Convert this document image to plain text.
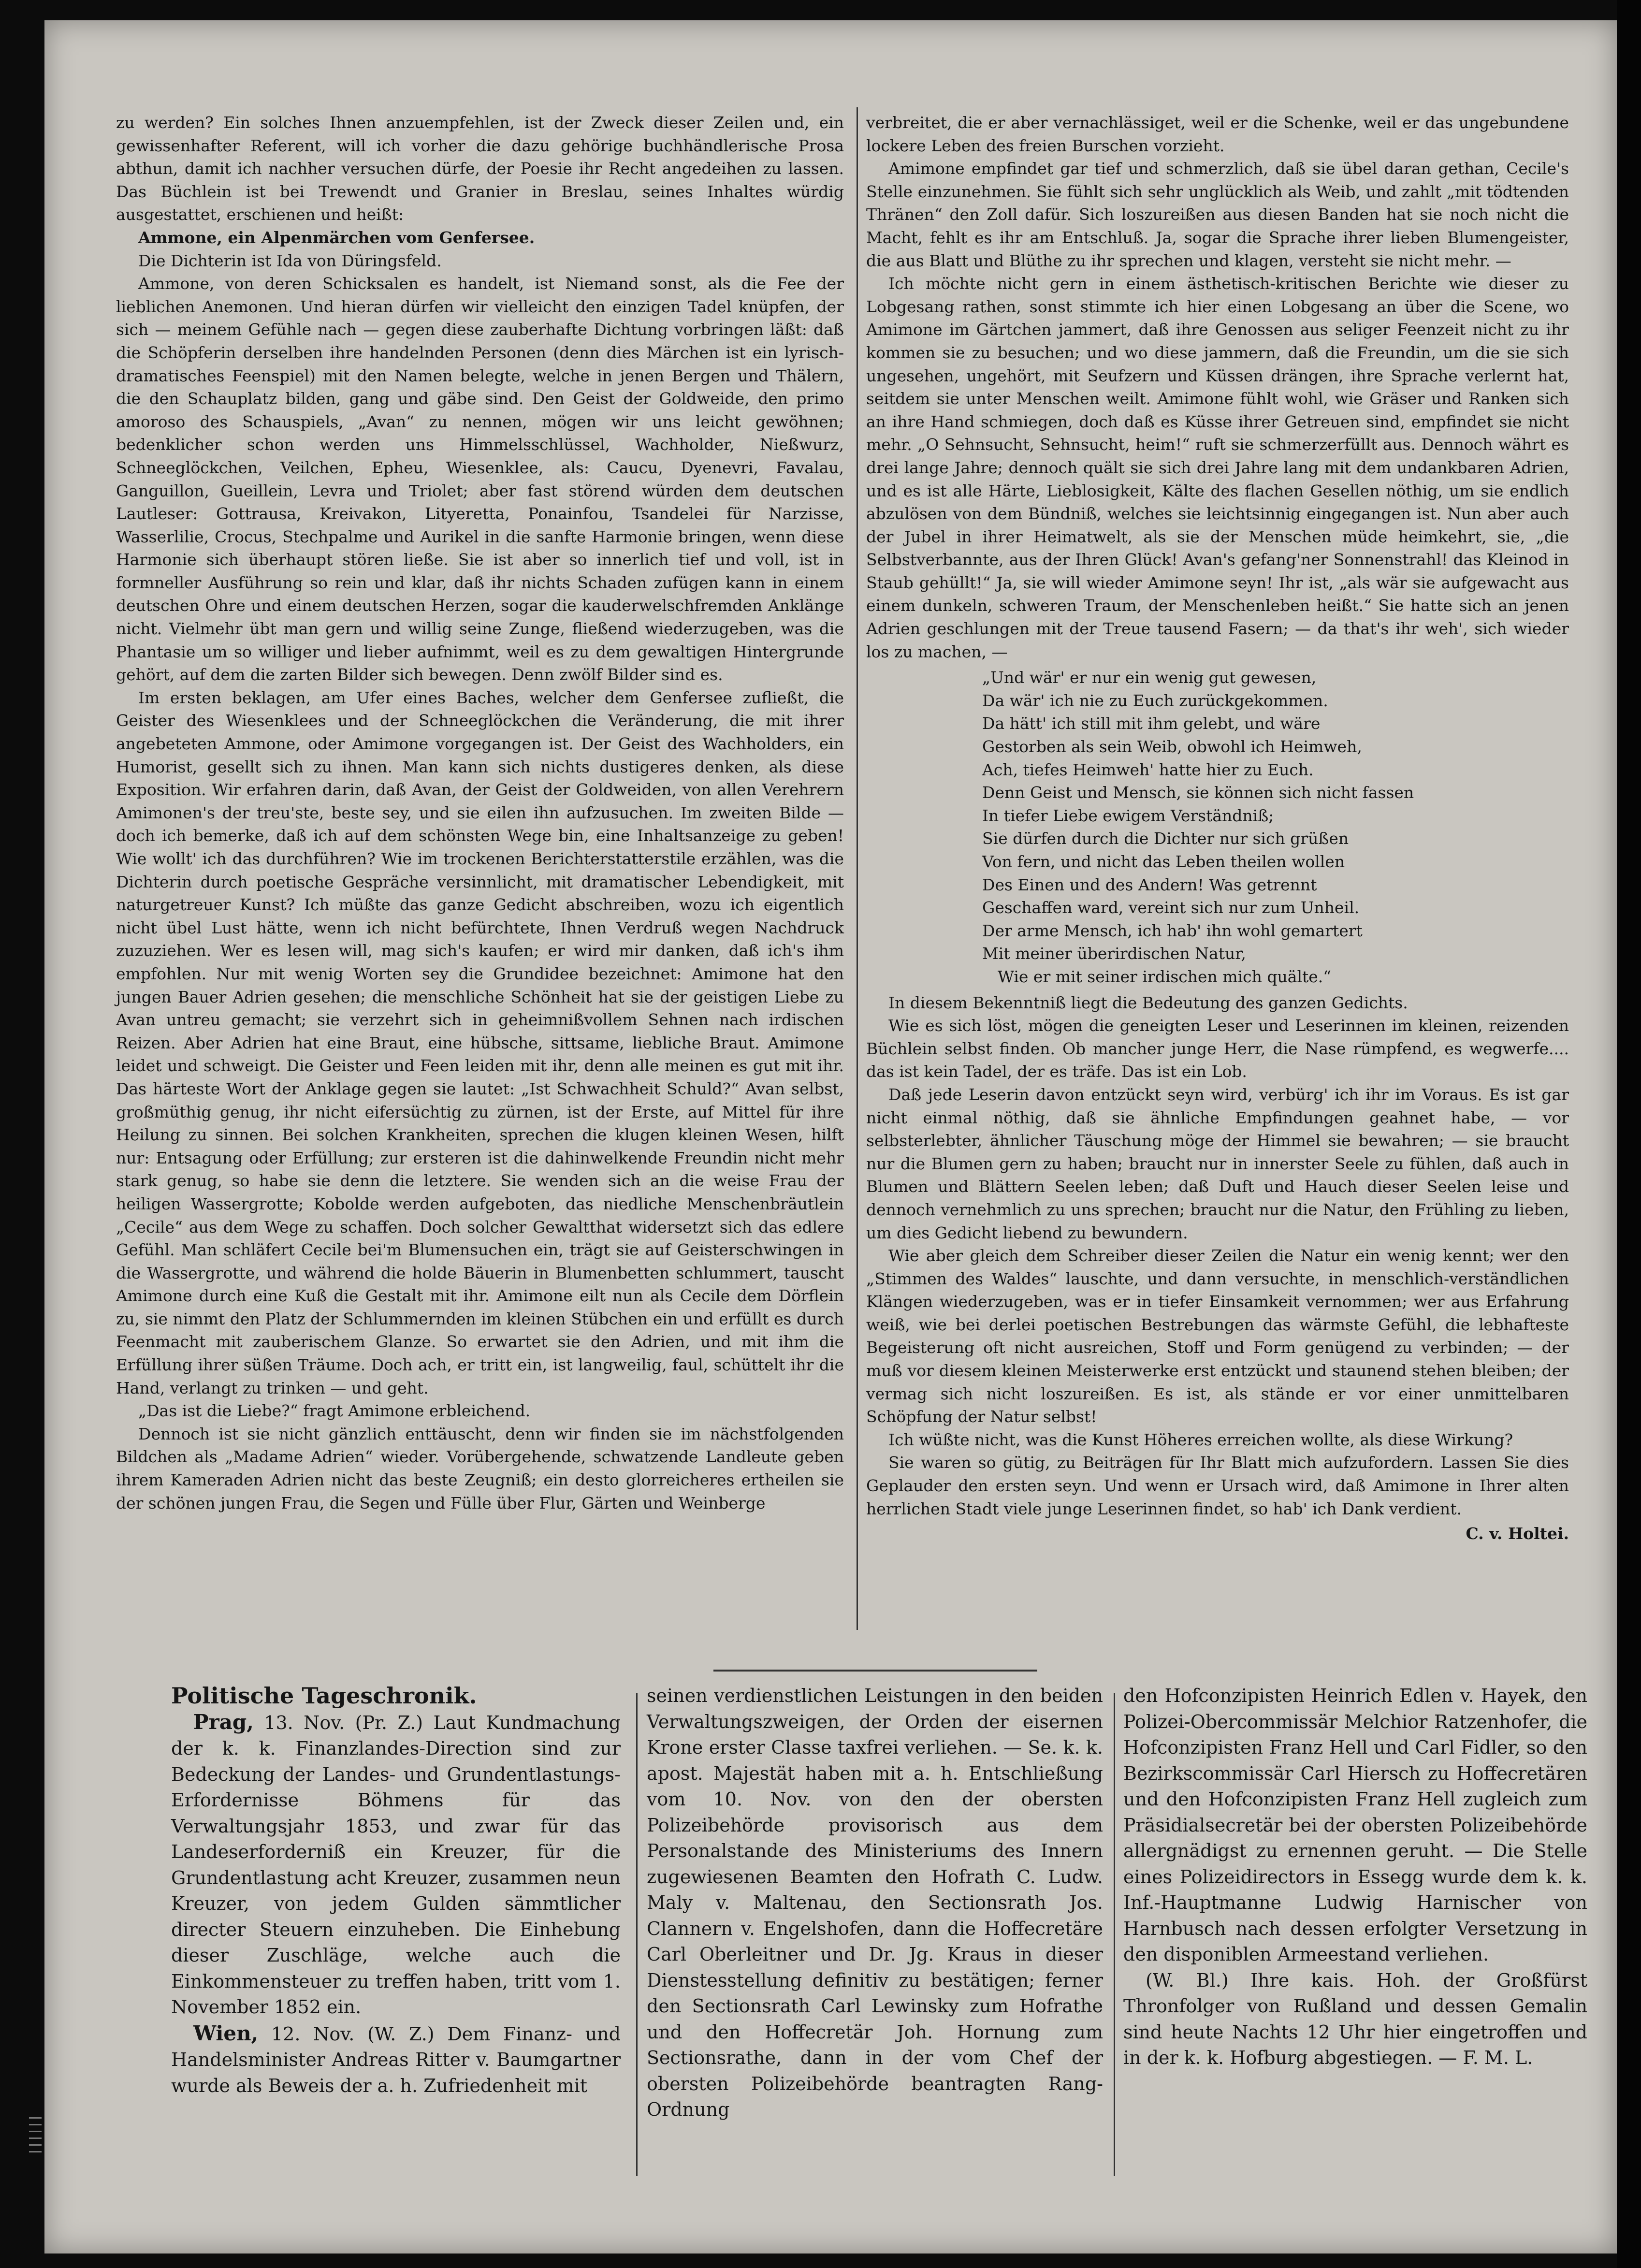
zu werden? Ein solches Ihnen anzuempfehlen, ist der Zweck dieser Zeilen und, ein gewissenhafter Referent, will ich vorher die dazu gehörige buchhändlerische Prosa abthun, damit ich nachher versuchen dürfe, der Poesie ihr Recht angedeihen zu lassen. Das Büchlein ist bei Trewendt und Granier in Breslau, seines Inhaltes würdig ausgestattet, erschienen und heißt:

Ammone, ein Alpenmärchen vom Genfersee.

Die Dichterin ist Ida von Düringsfeld.

Ammone, von deren Schicksalen es handelt, ist Niemand sonst, als die Fee der lieblichen Anemonen. Und hieran dürfen wir vielleicht den einzigen Tadel knüpfen, der sich — meinem Gefühle nach — gegen diese zauberhafte Dichtung vorbringen läßt: daß die Schöpferin derselben ihre handelnden Personen (denn dies Märchen ist ein lyrisch-dramatisches Feenspiel) mit den Namen belegte, welche in jenen Bergen und Thälern, die den Schauplatz bilden, gang und gäbe sind. Den Geist der Goldweide, den primo amoroso des Schauspiels, „Avan“ zu nennen, mögen wir uns leicht gewöhnen; bedenklicher schon werden uns Himmelsschlüssel, Wachholder, Nießwurz, Schneeglöckchen, Veilchen, Epheu, Wiesenklee, als: Caucu, Dyenevri, Favalau, Ganguillon, Gueillein, Levra und Triolet; aber fast störend würden dem deutschen Lautleser: Gottrausa, Kreivakon, Lityeretta, Ponainfou, Tsandelei für Narzisse, Wasserlilie, Crocus, Stechpalme und Aurikel in die sanfte Harmonie bringen, wenn diese Harmonie sich überhaupt stören ließe. Sie ist aber so innerlich tief und voll, ist in formneller Ausführung so rein und klar, daß ihr nichts Schaden zufügen kann in einem deutschen Ohre und einem deutschen Herzen, sogar die kauderwelschfremden Anklänge nicht. Vielmehr übt man gern und willig seine Zunge, fließend wiederzugeben, was die Phantasie um so williger und lieber aufnimmt, weil es zu dem gewaltigen Hintergrunde gehört, auf dem die zarten Bilder sich bewegen. Denn zwölf Bilder sind es.

Im ersten beklagen, am Ufer eines Baches, welcher dem Genfersee zufließt, die Geister des Wiesenklees und der Schneeglöckchen die Veränderung, die mit ihrer angebeteten Ammone, oder Amimone vorgegangen ist. Der Geist des Wachholders, ein Humorist, gesellt sich zu ihnen. Man kann sich nichts dustigeres denken, als diese Exposition. Wir erfahren darin, daß Avan, der Geist der Goldweiden, von allen Verehrern Amimonen's der treu'ste, beste sey, und sie eilen ihn aufzusuchen. Im zweiten Bilde — doch ich bemerke, daß ich auf dem schönsten Wege bin, eine Inhaltsanzeige zu geben! Wie wollt' ich das durchführen? Wie im trockenen Berichterstatterstile erzählen, was die Dichterin durch poetische Gespräche versinnlicht, mit dramatischer Lebendigkeit, mit naturgetreuer Kunst? Ich müßte das ganze Gedicht abschreiben, wozu ich eigentlich nicht übel Lust hätte, wenn ich nicht befürchtete, Ihnen Verdruß wegen Nachdruck zuzuziehen. Wer es lesen will, mag sich's kaufen; er wird mir danken, daß ich's ihm empfohlen. Nur mit wenig Worten sey die Grundidee bezeichnet: Amimone hat den jungen Bauer Adrien gesehen; die menschliche Schönheit hat sie der geistigen Liebe zu Avan untreu gemacht; sie verzehrt sich in geheimnißvollem Sehnen nach irdischen Reizen. Aber Adrien hat eine Braut, eine hübsche, sittsame, liebliche Braut. Amimone leidet und schweigt. Die Geister und Feen leiden mit ihr, denn alle meinen es gut mit ihr. Das härteste Wort der Anklage gegen sie lautet: „Ist Schwachheit Schuld?“ Avan selbst, großmüthig genug, ihr nicht eifersüchtig zu zürnen, ist der Erste, auf Mittel für ihre Heilung zu sinnen. Bei solchen Krankheiten, sprechen die klugen kleinen Wesen, hilft nur: Entsagung oder Erfüllung; zur ersteren ist die dahinwelkende Freundin nicht mehr stark genug, so habe sie denn die letztere. Sie wenden sich an die weise Frau der heiligen Wassergrotte; Kobolde werden aufgeboten, das niedliche Menschenbräutlein „Cecile“ aus dem Wege zu schaffen. Doch solcher Gewaltthat widersetzt sich das edlere Gefühl. Man schläfert Cecile bei'm Blumensuchen ein, trägt sie auf Geisterschwingen in die Wassergrotte, und während die holde Bäuerin in Blumenbetten schlummert, tauscht Amimone durch eine Kuß die Gestalt mit ihr. Amimone eilt nun als Cecile dem Dörflein zu, sie nimmt den Platz der Schlummernden im kleinen Stübchen ein und erfüllt es durch Feenmacht mit zauberischem Glanze. So erwartet sie den Adrien, und mit ihm die Erfüllung ihrer süßen Träume. Doch ach, er tritt ein, ist langweilig, faul, schüttelt ihr die Hand, verlangt zu trinken — und geht.

„Das ist die Liebe?“ fragt Amimone erbleichend.

Dennoch ist sie nicht gänzlich enttäuscht, denn wir finden sie im nächstfolgenden Bildchen als „Madame Adrien“ wieder. Vorübergehende, schwatzende Landleute geben ihrem Kameraden Adrien nicht das beste Zeugniß; ein desto glorreicheres ertheilen sie der schönen jungen Frau, die Segen und Fülle über Flur, Gärten und Weinberge

verbreitet, die er aber vernachlässiget, weil er die Schenke, weil er das ungebundene lockere Leben des freien Burschen vorzieht.

Amimone empfindet gar tief und schmerzlich, daß sie übel daran gethan, Cecile's Stelle einzunehmen. Sie fühlt sich sehr unglücklich als Weib, und zahlt „mit tödtenden Thränen“ den Zoll dafür. Sich loszureißen aus diesen Banden hat sie noch nicht die Macht, fehlt es ihr am Entschluß. Ja, sogar die Sprache ihrer lieben Blumengeister, die aus Blatt und Blüthe zu ihr sprechen und klagen, versteht sie nicht mehr. —

Ich möchte nicht gern in einem ästhetisch-kritischen Berichte wie dieser zu Lobgesang rathen, sonst stimmte ich hier einen Lobgesang an über die Scene, wo Amimone im Gärtchen jammert, daß ihre Genossen aus seliger Feenzeit nicht zu ihr kommen sie zu besuchen; und wo diese jammern, daß die Freundin, um die sie sich ungesehen, ungehört, mit Seufzern und Küssen drängen, ihre Sprache verlernt hat, seitdem sie unter Menschen weilt. Amimone fühlt wohl, wie Gräser und Ranken sich an ihre Hand schmiegen, doch daß es Küsse ihrer Getreuen sind, empfindet sie nicht mehr. „O Sehnsucht, Sehnsucht, heim!“ ruft sie schmerzerfüllt aus. Dennoch währt es drei lange Jahre; dennoch quält sie sich drei Jahre lang mit dem undankbaren Adrien, und es ist alle Härte, Lieblosigkeit, Kälte des flachen Gesellen nöthig, um sie endlich abzulösen von dem Bündniß, welches sie leichtsinnig eingegangen ist. Nun aber auch der Jubel in ihrer Heimatwelt, als sie der Menschen müde heimkehrt, sie, „die Selbstverbannte, aus der Ihren Glück! Avan's gefang'ner Sonnenstrahl! das Kleinod in Staub gehüllt!“ Ja, sie will wieder Amimone seyn! Ihr ist, „als wär sie aufgewacht aus einem dunkeln, schweren Traum, der Menschenleben heißt.“ Sie hatte sich an jenen Adrien geschlungen mit der Treue tausend Fasern; — da that's ihr weh', sich wieder los zu machen, —

„Und wär' er nur ein wenig gut gewesen,
Da wär' ich nie zu Euch zurückgekommen.
Da hätt' ich still mit ihm gelebt, und wäre
Gestorben als sein Weib, obwohl ich Heimweh,
Ach, tiefes Heimweh' hatte hier zu Euch.
Denn Geist und Mensch, sie können sich nicht fassen
In tiefer Liebe ewigem Verständniß;
Sie dürfen durch die Dichter nur sich grüßen
Von fern, und nicht das Leben theilen wollen
Des Einen und des Andern! Was getrennt
Geschaffen ward, vereint sich nur zum Unheil.
Der arme Mensch, ich hab' ihn wohl gemartert
Mit meiner überirdischen Natur,
Wie er mit seiner irdischen mich quälte.“

In diesem Bekenntniß liegt die Bedeutung des ganzen Gedichts.

Wie es sich löst, mögen die geneigten Leser und Leserinnen im kleinen, reizenden Büchlein selbst finden. Ob mancher junge Herr, die Nase rümpfend, es wegwerfe.... das ist kein Tadel, der es träfe. Das ist ein Lob.

Daß jede Leserin davon entzückt seyn wird, verbürg' ich ihr im Voraus. Es ist gar nicht einmal nöthig, daß sie ähnliche Empfindungen geahnet habe, — vor selbsterlebter, ähnlicher Täuschung möge der Himmel sie bewahren; — sie braucht nur die Blumen gern zu haben; braucht nur in innerster Seele zu fühlen, daß auch in Blumen und Blättern Seelen leben; daß Duft und Hauch dieser Seelen leise und dennoch vernehmlich zu uns sprechen; braucht nur die Natur, den Frühling zu lieben, um dies Gedicht liebend zu bewundern.

Wie aber gleich dem Schreiber dieser Zeilen die Natur ein wenig kennt; wer den „Stimmen des Waldes“ lauschte, und dann versuchte, in menschlich-verständlichen Klängen wiederzugeben, was er in tiefer Einsamkeit vernommen; wer aus Erfahrung weiß, wie bei derlei poetischen Bestrebungen das wärmste Gefühl, die lebhafteste Begeisterung oft nicht ausreichen, Stoff und Form genügend zu verbinden; — der muß vor diesem kleinen Meisterwerke erst entzückt und staunend stehen bleiben; der vermag sich nicht loszureißen. Es ist, als stände er vor einer unmittelbaren Schöpfung der Natur selbst!

Ich wüßte nicht, was die Kunst Höheres erreichen wollte, als diese Wirkung?

Sie waren so gütig, zu Beiträgen für Ihr Blatt mich aufzufordern. Lassen Sie dies Geplauder den ersten seyn. Und wenn er Ursach wird, daß Amimone in Ihrer alten herrlichen Stadt viele junge Leserinnen findet, so hab' ich Dank verdient.

C. v. Holtei.

Politische Tageschronik.

Prag, 13. Nov. (Pr. Z.) Laut Kundmachung der k. k. Finanzlandes-Direction sind zur Bedeckung der Landes- und Grundentlastungs-Erfordernisse Böhmens für das Verwaltungsjahr 1853, und zwar für das Landeserforderniß ein Kreuzer, für die Grundentlastung acht Kreuzer, zusammen neun Kreuzer, von jedem Gulden sämmtlicher directer Steuern einzuheben. Die Einhebung dieser Zuschläge, welche auch die Einkommensteuer zu treffen haben, tritt vom 1. November 1852 ein.

Wien, 12. Nov. (W. Z.) Dem Finanz- und Handelsminister Andreas Ritter v. Baumgartner wurde als Beweis der a. h. Zufriedenheit mit

seinen verdienstlichen Leistungen in den beiden Verwaltungszweigen, der Orden der eisernen Krone erster Classe taxfrei verliehen. — Se. k. k. apost. Majestät haben mit a. h. Entschließung vom 10. Nov. von den der obersten Polizeibehörde provisorisch aus dem Personalstande des Ministeriums des Innern zugewiesenen Beamten den Hofrath C. Ludw. Maly v. Maltenau, den Sectionsrath Jos. Clannern v. Engelshofen, dann die Hoffecretäre Carl Oberleitner und Dr. Jg. Kraus in dieser Dienstesstellung definitiv zu bestätigen; ferner den Sectionsrath Carl Lewinsky zum Hofrathe und den Hoffecretär Joh. Hornung zum Sectionsrathe, dann in der vom Chef der obersten Polizeibehörde beantragten Rang-Ordnung

den Hofconzipisten Heinrich Edlen v. Hayek, den Polizei-Obercommissär Melchior Ratzenhofer, die Hofconzipisten Franz Hell und Carl Fidler, so den Bezirkscommissär Carl Hiersch zu Hoffecretären und den Hofconzipisten Franz Hell zugleich zum Präsidialsecretär bei der obersten Polizeibehörde allergnädigst zu ernennen geruht. — Die Stelle eines Polizeidirectors in Essegg wurde dem k. k. Inf.-Hauptmanne Ludwig Harnischer von Harnbusch nach dessen erfolgter Versetzung in den disponiblen Armeestand verliehen.

(W. Bl.) Ihre kais. Hoh. der Großfürst Thronfolger von Rußland und dessen Gemalin sind heute Nachts 12 Uhr hier eingetroffen und in der k. k. Hofburg abgestiegen. — F. M. L.
